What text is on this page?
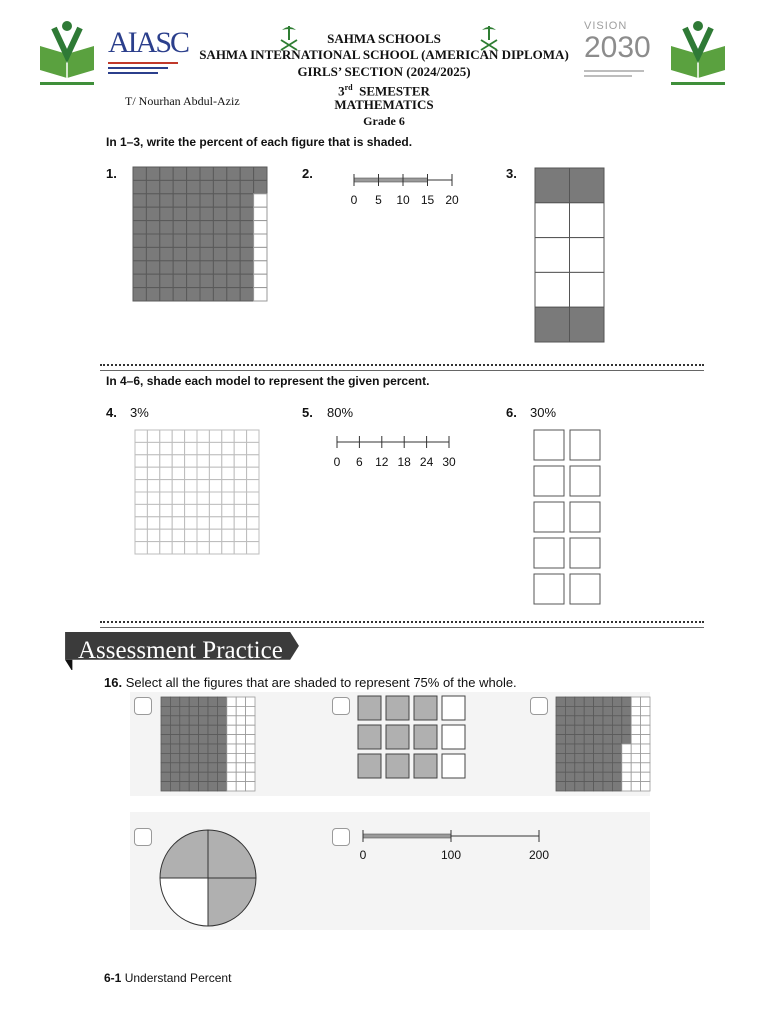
AIASC	SAHMA SCHOOLS
SAHMA INTERNATIONAL SCHOOL (AMERICAN DIPLOMA)
GIRLS’ SECTION (2024/2025)
3rd SEMESTER
MATHEMATICS
Grade 6
T/ Nourhan Abdul-Aziz
VISION
2030
In 1–3, write the percent of each figure that is shaded.
1.	2.
0	5	10 15 20
3.
In 4–6, shade each model to represent the given percent.
4. 3%	5. 80%
0	6	12 18 24 30
6. 30%
Assessment Practice
16. Select all the figures that are shaded to represent 75% of the whole.
0	100	200
6-1 Understand Percent
